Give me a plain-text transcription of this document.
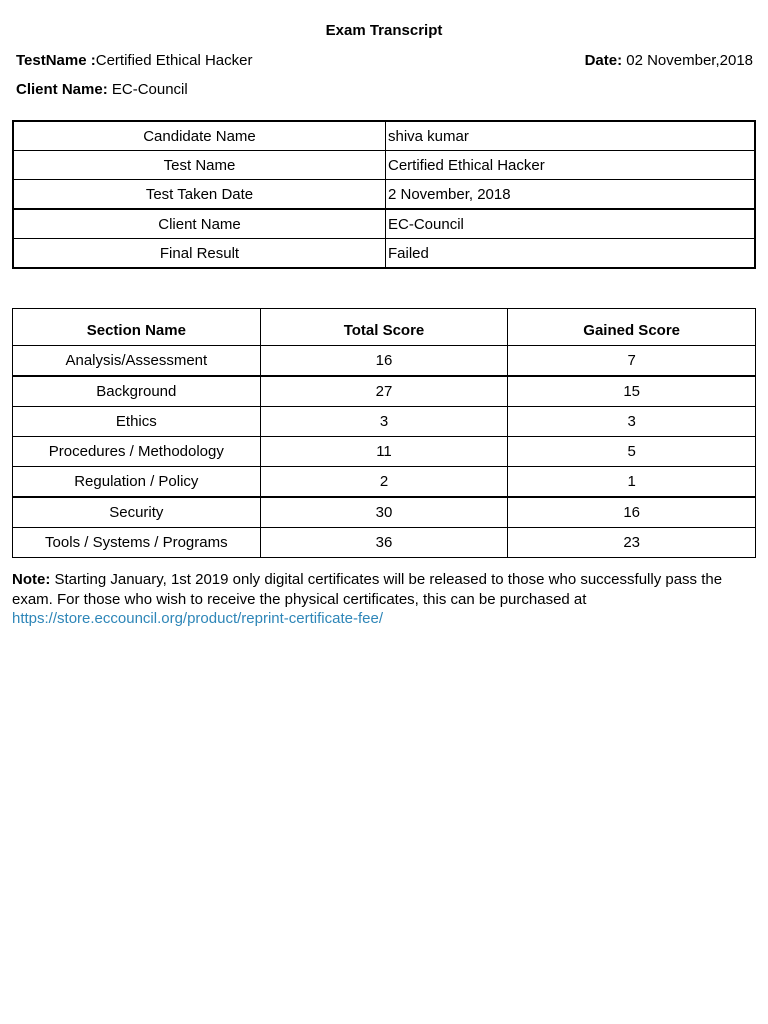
Exam Transcript
TestName :Certified Ethical Hacker	Date: 02 November,2018
Client Name: EC-Council
Candidate Name	shiva kumar
Test Name	Certified Ethical Hacker
Test Taken Date	2 November, 2018
Client Name	EC-Council
Final Result	Failed
Section Name	Total Score	Gained Score
Analysis/Assessment	16	7
Background	27	15
Ethics	3	3
Procedures / Methodology	11	5
Regulation / Policy	2	1
Security	30	16
Tools / Systems / Programs	36	23
Note: Starting January, 1st 2019 only digital certificates will be released to those who successfully pass the exam. For those who wish to receive the physical certificates, this can be purchased at
https://store.eccouncil.org/product/reprint-certificate-fee/
